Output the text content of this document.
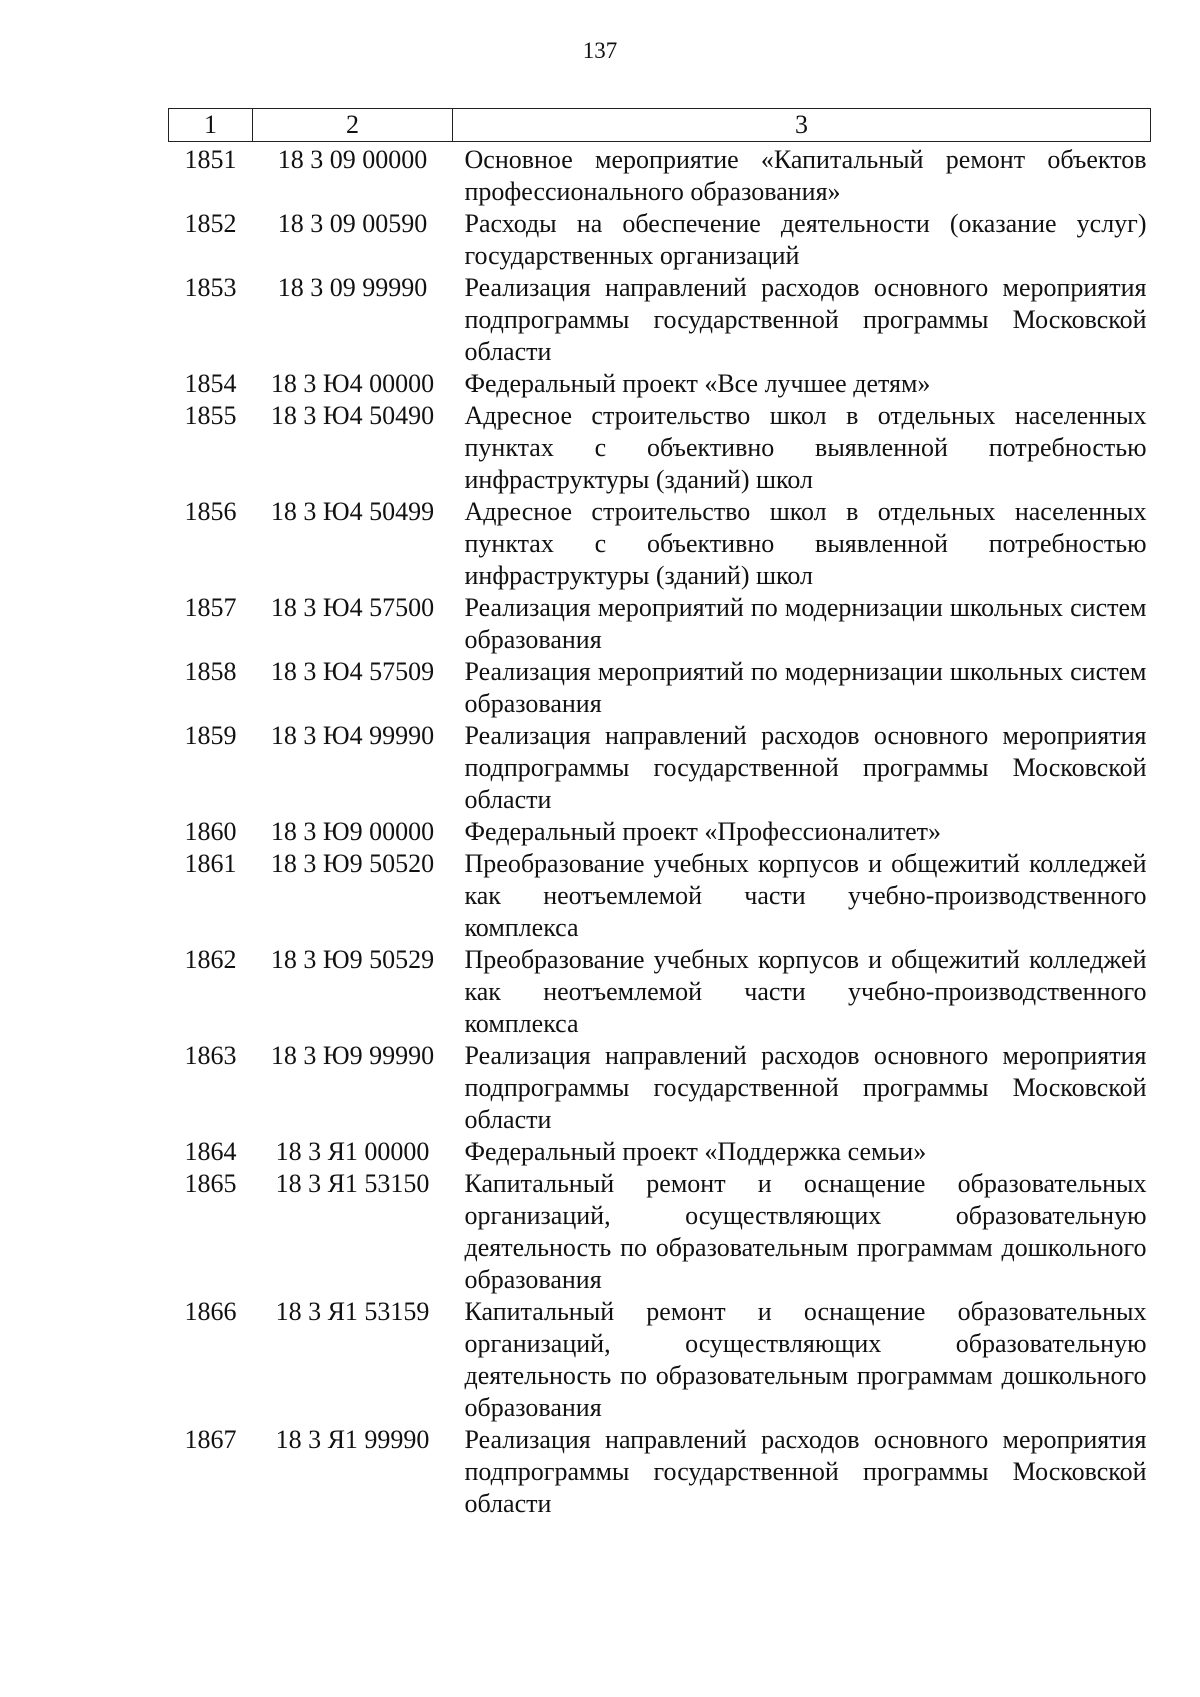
137
1	2	3
1851	18 3 09 00000	Основное мероприятие «Капитальный ремонт объектов профессионального образования»
1852	18 3 09 00590	Расходы на обеспечение деятельности (оказание услуг) государственных организаций
1853	18 3 09 99990	Реализация направлений расходов основного мероприятия подпрограммы государственной программы Московской области
1854	18 3 Ю4 00000	Федеральный проект «Все лучшее детям»
1855	18 3 Ю4 50490	Адресное строительство школ в отдельных населенных пунктах с объективно выявленной потребностью инфраструктуры (зданий) школ
1856	18 3 Ю4 50499	Адресное строительство школ в отдельных населенных пунктах с объективно выявленной потребностью инфраструктуры (зданий) школ
1857	18 3 Ю4 57500	Реализация мероприятий по модернизации школьных систем образования
1858	18 3 Ю4 57509	Реализация мероприятий по модернизации школьных систем образования
1859	18 3 Ю4 99990	Реализация направлений расходов основного мероприятия подпрограммы государственной программы Московской области
1860	18 3 Ю9 00000	Федеральный проект «Профессионалитет»
1861	18 3 Ю9 50520	Преобразование учебных корпусов и общежитий колледжей как неотъемлемой части учебно-производственного комплекса
1862	18 3 Ю9 50529	Преобразование учебных корпусов и общежитий колледжей как неотъемлемой части учебно-производственного комплекса
1863	18 3 Ю9 99990	Реализация направлений расходов основного мероприятия подпрограммы государственной программы Московской области
1864	18 3 Я1 00000	Федеральный проект «Поддержка семьи»
1865	18 3 Я1 53150	Капитальный ремонт и оснащение образовательных организаций, осуществляющих образовательную деятельность по образовательным программам дошкольного образования
1866	18 3 Я1 53159	Капитальный ремонт и оснащение образовательных организаций, осуществляющих образовательную деятельность по образовательным программам дошкольного образования
1867	18 3 Я1 99990	Реализация направлений расходов основного мероприятия подпрограммы государственной программы Московской области
